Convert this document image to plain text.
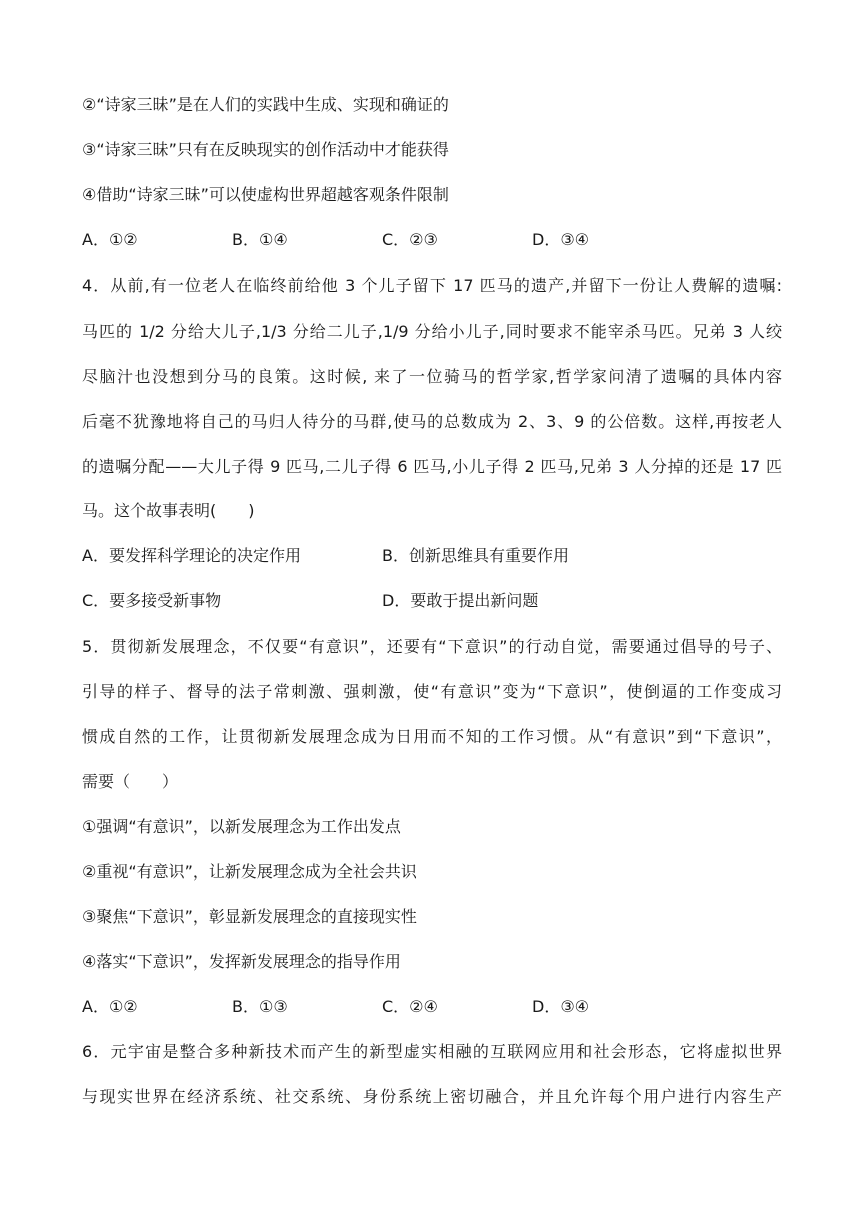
②“诗家三昧”是在人们的实践中生成、实现和确证的
③“诗家三昧”只有在反映现实的创作活动中才能获得
④借助“诗家三昧”可以使虚构世界超越客观条件限制
A．①②	B．①④	C．②③	D．③④
4．从前,有一位老人在临终前给他 3 个儿子留下 17 匹马的遗产,并留下一份让人费解的遗嘱:
马匹的 1/2 分给大儿子,1/3 分给二儿子,1/9 分给小儿子,同时要求不能宰杀马匹。兄弟 3 人绞
尽脑汁也没想到分马的良策。这时候, 来了一位骑马的哲学家,哲学家问清了遗嘱的具体内容
后毫不犹豫地将自己的马归人待分的马群,使马的总数成为 2、3、9 的公倍数。这样,再按老人
的遗嘱分配——大儿子得 9 匹马,二儿子得 6 匹马,小儿子得 2 匹马,兄弟 3 人分掉的还是 17 匹
马。这个故事表明(　　)
A．要发挥科学理论的决定作用	B．创新思维具有重要作用
C．要多接受新事物	D．要敢于提出新问题
5．贯彻新发展理念，不仅要“有意识”，还要有“下意识”的行动自觉，需要通过倡导的号子、
引导的样子、督导的法子常刺激、强刺激，使“有意识”变为“下意识”，使倒逼的工作变成习
惯成自然的工作，让贯彻新发展理念成为日用而不知的工作习惯。从“有意识”到“下意识”，
需要（　　）
①强调“有意识”，以新发展理念为工作出发点
②重视“有意识”，让新发展理念成为全社会共识
③聚焦“下意识”，彰显新发展理念的直接现实性
④落实“下意识”，发挥新发展理念的指导作用
A．①②	B．①③	C．②④	D．③④
6．元宇宙是整合多种新技术而产生的新型虚实相融的互联网应用和社会形态，它将虚拟世界
与现实世界在经济系统、社交系统、身份系统上密切融合，并且允许每个用户进行内容生产
